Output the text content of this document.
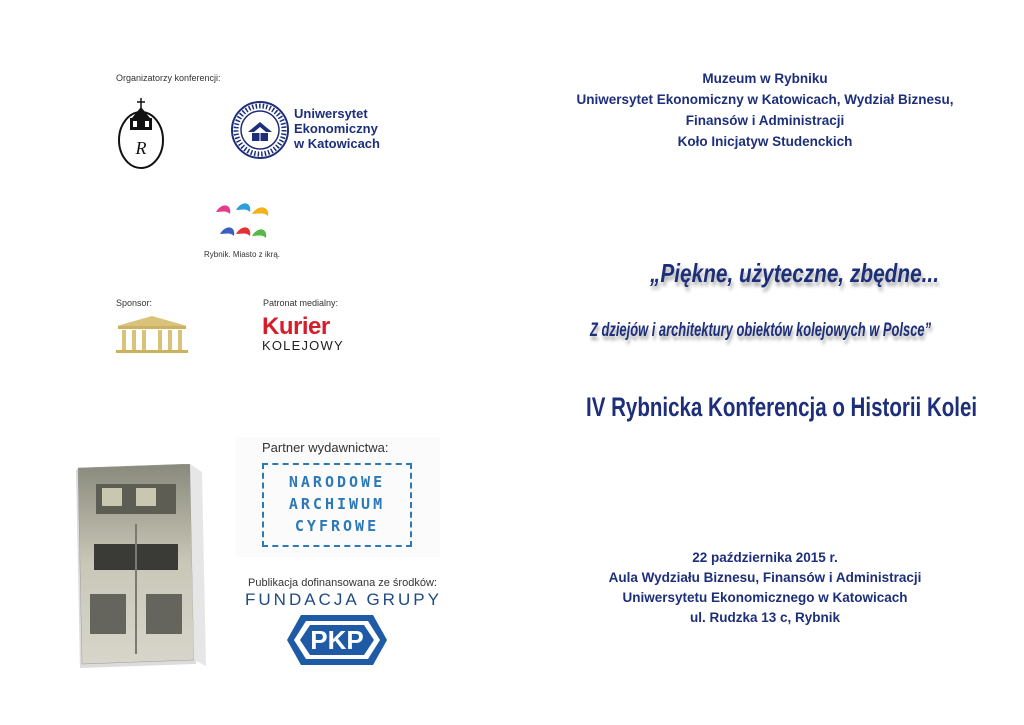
Organizatorzy konferencji:
R
Uniwersytet
Ekonomiczny
w Katowicach
Rybnik. Miasto z ikrą.
Sponsor:	Patronat medialny:
Kurier
KOLEJOWY
Partner wydawnictwa:
NARODOWE
ARCHIWUM
CYFROWE
Publikacja dofinansowana ze środków:
FUNDACJA GRUPY
PKP
Muzeum w Rybniku
Uniwersytet Ekonomiczny w Katowicach, Wydział Biznesu,
Finansów i Administracji
Koło Inicjatyw Studenckich
„Piękne, użyteczne, zbędne...
Z dziejów i architektury obiektów kolejowych w Polsce”
IV Rybnicka Konferencja o Historii Kolei
22 października 2015 r.
Aula Wydziału Biznesu, Finansów i Administracji
Uniwersytetu Ekonomicznego w Katowicach
ul. Rudzka 13 c, Rybnik
